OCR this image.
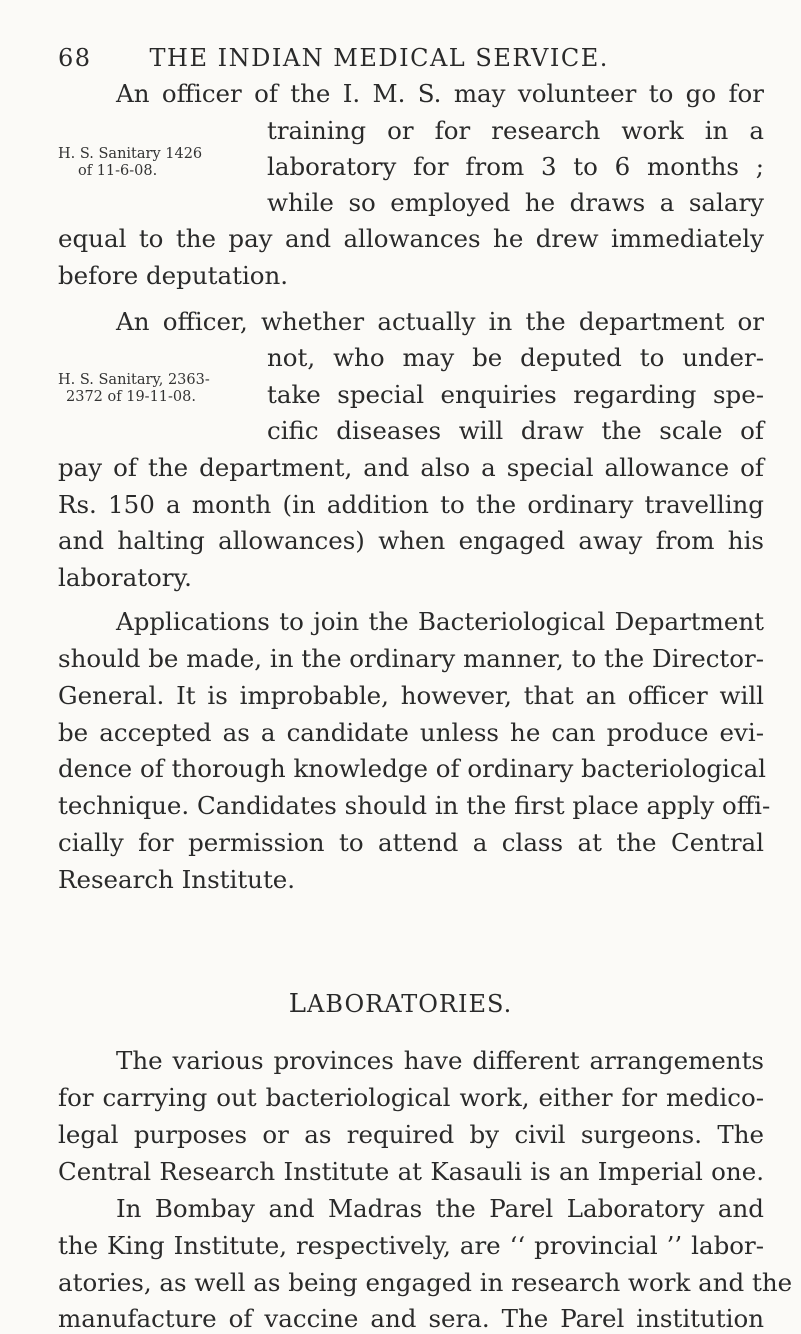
68 THE INDIAN MEDICAL SERVICE.
An officer of the I. M. S. may volunteer to go for
training or for research work in a
laboratory for from 3 to 6 months ;
while so employed he draws a salary
equal to the pay and allowances he drew immediately
before deputation.
H. S. Sanitary 1426
of 11-6-08.
An officer, whether actually in the department or
not, who may be deputed to under-
take special enquiries regarding spe-
cific diseases will draw the scale of
pay of the department, and also a special allowance of
Rs. 150 a month (in addition to the ordinary travelling
and halting allowances) when engaged away from his
laboratory.
H. S. Sanitary, 2363-
2372 of 19-11-08.
Applications to join the Bacteriological Department
should be made, in the ordinary manner, to the Director-
General. It is improbable, however, that an officer will
be accepted as a candidate unless he can produce evi-
dence of thorough knowledge of ordinary bacteriological
technique. Candidates should in the first place apply offi-
cially for permission to attend a class at the Central
Research Institute.
LABORATORIES.
The various provinces have different arrangements
for carrying out bacteriological work, either for medico-
legal purposes or as required by civil surgeons. The
Central Research Institute at Kasauli is an Imperial one.
In Bombay and Madras the Parel Laboratory and
the King Institute, respectively, are ‘‘ provincial ’’ labor-
atories, as well as being engaged in research work and the
manufacture of vaccine and sera. The Parel institution
